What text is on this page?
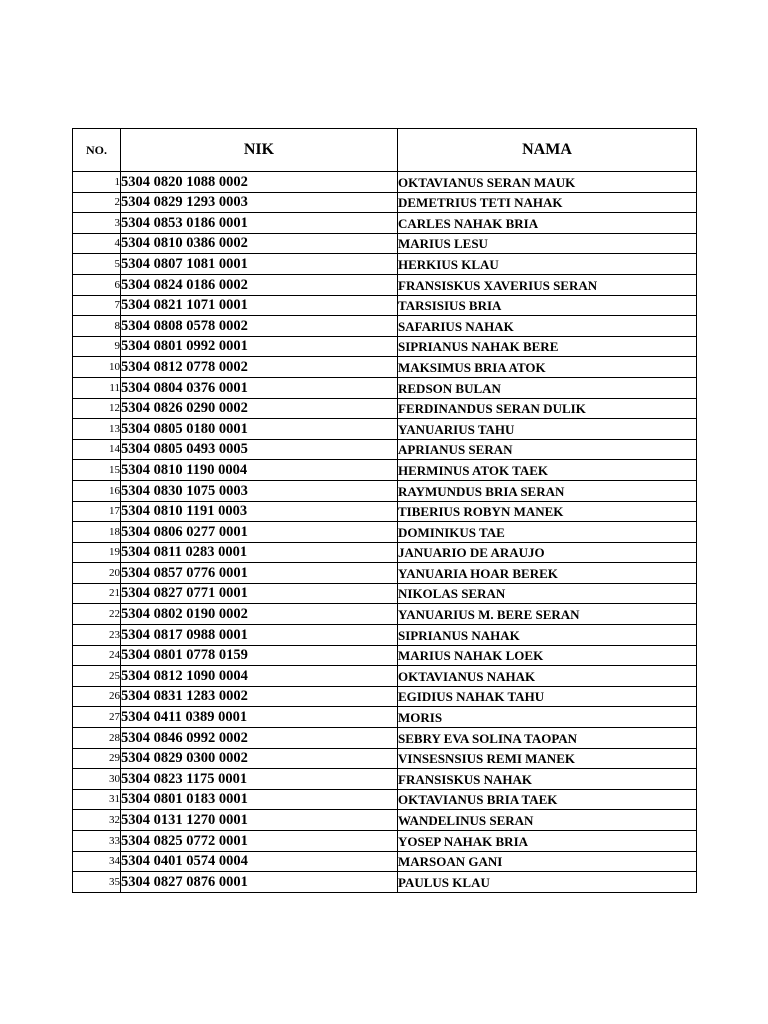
NO.	NIK	NAMA
1	5304 0820 1088 0002	OKTAVIANUS SERAN MAUK
2	5304 0829 1293 0003	DEMETRIUS TETI NAHAK
3	5304 0853 0186 0001	CARLES NAHAK BRIA
4	5304 0810 0386 0002	MARIUS LESU
5	5304 0807 1081 0001	HERKIUS KLAU
6	5304 0824 0186 0002	FRANSISKUS XAVERIUS SERAN
7	5304 0821 1071 0001	TARSISIUS BRIA
8	5304 0808 0578 0002	SAFARIUS NAHAK
9	5304 0801 0992 0001	SIPRIANUS NAHAK BERE
10	5304 0812 0778 0002	MAKSIMUS BRIA ATOK
11	5304 0804 0376 0001	REDSON BULAN
12	5304 0826 0290 0002	FERDINANDUS SERAN DULIK
13	5304 0805 0180 0001	YANUARIUS TAHU
14	5304 0805 0493 0005	APRIANUS SERAN
15	5304 0810 1190 0004	HERMINUS ATOK TAEK
16	5304 0830 1075 0003	RAYMUNDUS BRIA SERAN
17	5304 0810 1191 0003	TIBERIUS ROBYN MANEK
18	5304 0806 0277 0001	DOMINIKUS TAE
19	5304 0811 0283 0001	JANUARIO DE ARAUJO
20	5304 0857 0776 0001	YANUARIA HOAR BEREK
21	5304 0827 0771 0001	NIKOLAS SERAN
22	5304 0802 0190 0002	YANUARIUS M. BERE SERAN
23	5304 0817 0988 0001	SIPRIANUS NAHAK
24	5304 0801 0778 0159	MARIUS NAHAK LOEK
25	5304 0812 1090 0004	OKTAVIANUS NAHAK
26	5304 0831 1283 0002	EGIDIUS NAHAK TAHU
27	5304 0411 0389 0001	MORIS
28	5304 0846 0992 0002	SEBRY EVA SOLINA TAOPAN
29	5304 0829 0300 0002	VINSESNSIUS REMI MANEK
30	5304 0823 1175 0001	FRANSISKUS NAHAK
31	5304 0801 0183 0001	OKTAVIANUS BRIA TAEK
32	5304 0131 1270 0001	WANDELINUS SERAN
33	5304 0825 0772 0001	YOSEP NAHAK BRIA
34	5304 0401 0574 0004	MARSOAN GANI
35	5304 0827 0876 0001	PAULUS KLAU
